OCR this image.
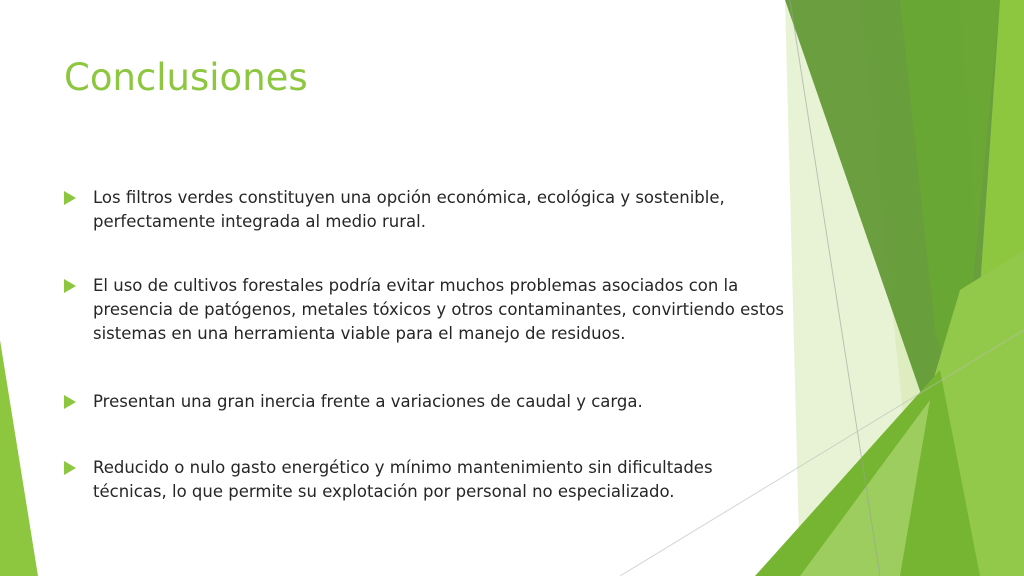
Conclusiones
Los filtros verdes constituyen una opción económica, ecológica y sostenible, perfectamente integrada al medio rural.
El uso de cultivos forestales podría evitar muchos problemas asociados con la presencia de patógenos, metales tóxicos y otros contaminantes, convirtiendo estos sistemas en una herramienta viable para el manejo de residuos.
Presentan una gran inercia frente a variaciones de caudal y carga.
Reducido o nulo gasto energético y mínimo mantenimiento sin dificultades técnicas, lo que permite su explotación por personal no especializado.
